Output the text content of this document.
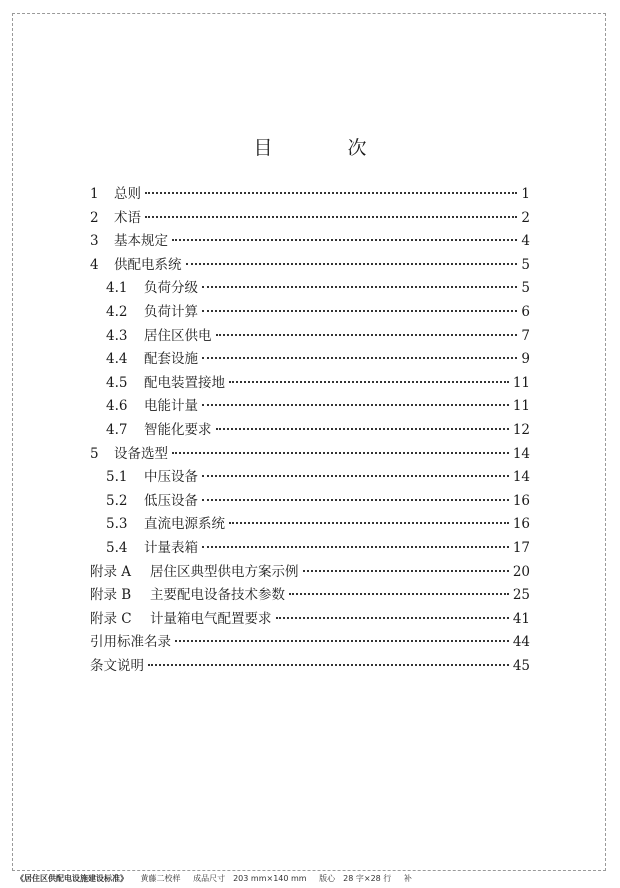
目　次
1	总则	1
2	术语	2
3	基本规定	4
4	供配电系统	5
4.1	负荷分级	5
4.2	负荷计算	6
4.3	居住区供电	7
4.4	配套设施	9
4.5	配电装置接地	11
4.6	电能计量	11
4.7	智能化要求	12
5	设备选型	14
5.1	中压设备	14
5.2	低压设备	16
5.3	直流电源系统	16
5.4	计量表箱	17
附录 A	居住区典型供电方案示例	20
附录 B	主要配电设备技术参数	25
附录 C	计量箱电气配置要求	41
引用标准名录	44
条文说明	45
《居住区供配电设施建设标准》 黄藤二校样 成品尺寸　203 mm×140 mm 版心　28 字×28 行 补
